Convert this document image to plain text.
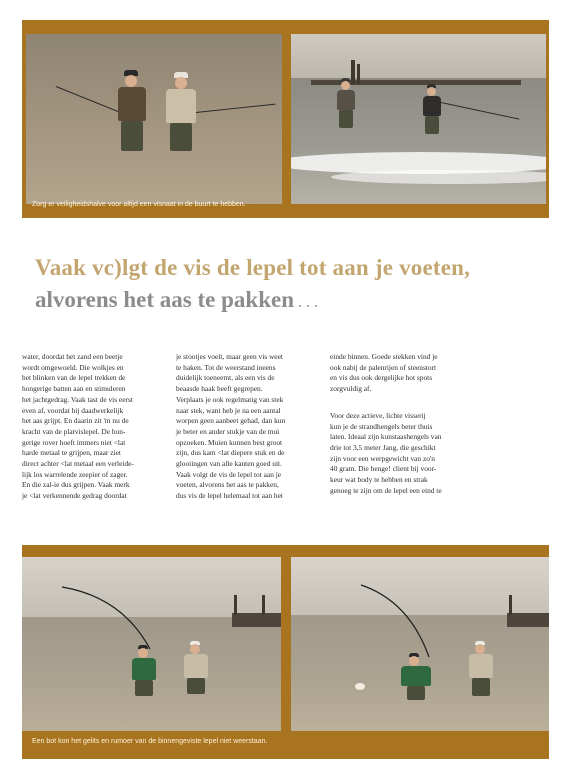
Zorg er veiligheidshalve voor altijd een visnaat in de buurt te hebben.
Vaak vc)lgt de vis de lepel tot aan je voeten,
alvorens het aas te pakken . . .

water, doordat het zand een beetje

wordt omgewoeld. Die wolkjes en

het blinken van de lepel trekken de

hongerige batten aan en stimuleren

het jachtgedrag. Vaak tast de vis eerst

even af, voordat hij daadwerkelijk

het aas grijpt. En daarin zit 'm nu de

kracht van de platvislepel. De hon-

gerige rover hoeft immers niet <lat

harde metaal te grijpen, maar ziet

direct achter <lat metaal een verleide-

lijk los warrelende zeepier of zager.

En die zal-ie dus grijpen. Vaak merk

je <lat verkennende gedrag doordat

je stootjes voelt, maar geen vis weet

te haken. Tot de weerstand ineens

duidelijk toeneemt, als een vis de

beaasde haak heeft gegrepen.

Verplaats je ook regelmatig van stek

naar stek, want heb je na een aantal

worpen geen aanbeet gehad, dan kun

je beter en ander stukje van de mui

opzoeken. Muien kunnen best groot

zijn, dus kam <lat diepere stuk en de

glooiingen van alle kanten goed uit.

Vaak volgt de vis de lepel tot aan je

voeten, alvorens het aas te pakken,

dus vis de lepel helemaal tot aan het

einde binnen. Goede stekken vind je

ook nabij de palenrijen of steenstort

en vis dus ook dergelijke hot spots

zorgvuldig af.

Voor deze actieve, lichte visserij

kun je de strandhengels beter thuis

laten. Ideaal zijn kunstaashengels van

drie tot 3,5 meter Jang, die geschikt

zijn voor een werpgewicht van zo'n

40 gram. Die henge! client bij voor-

keur wat body te hebben en strak

genoeg te zijn om de lepel een eind te

Een bot kon het gelits en rumoer van de binnengeviste lepel niet weerstaan.
